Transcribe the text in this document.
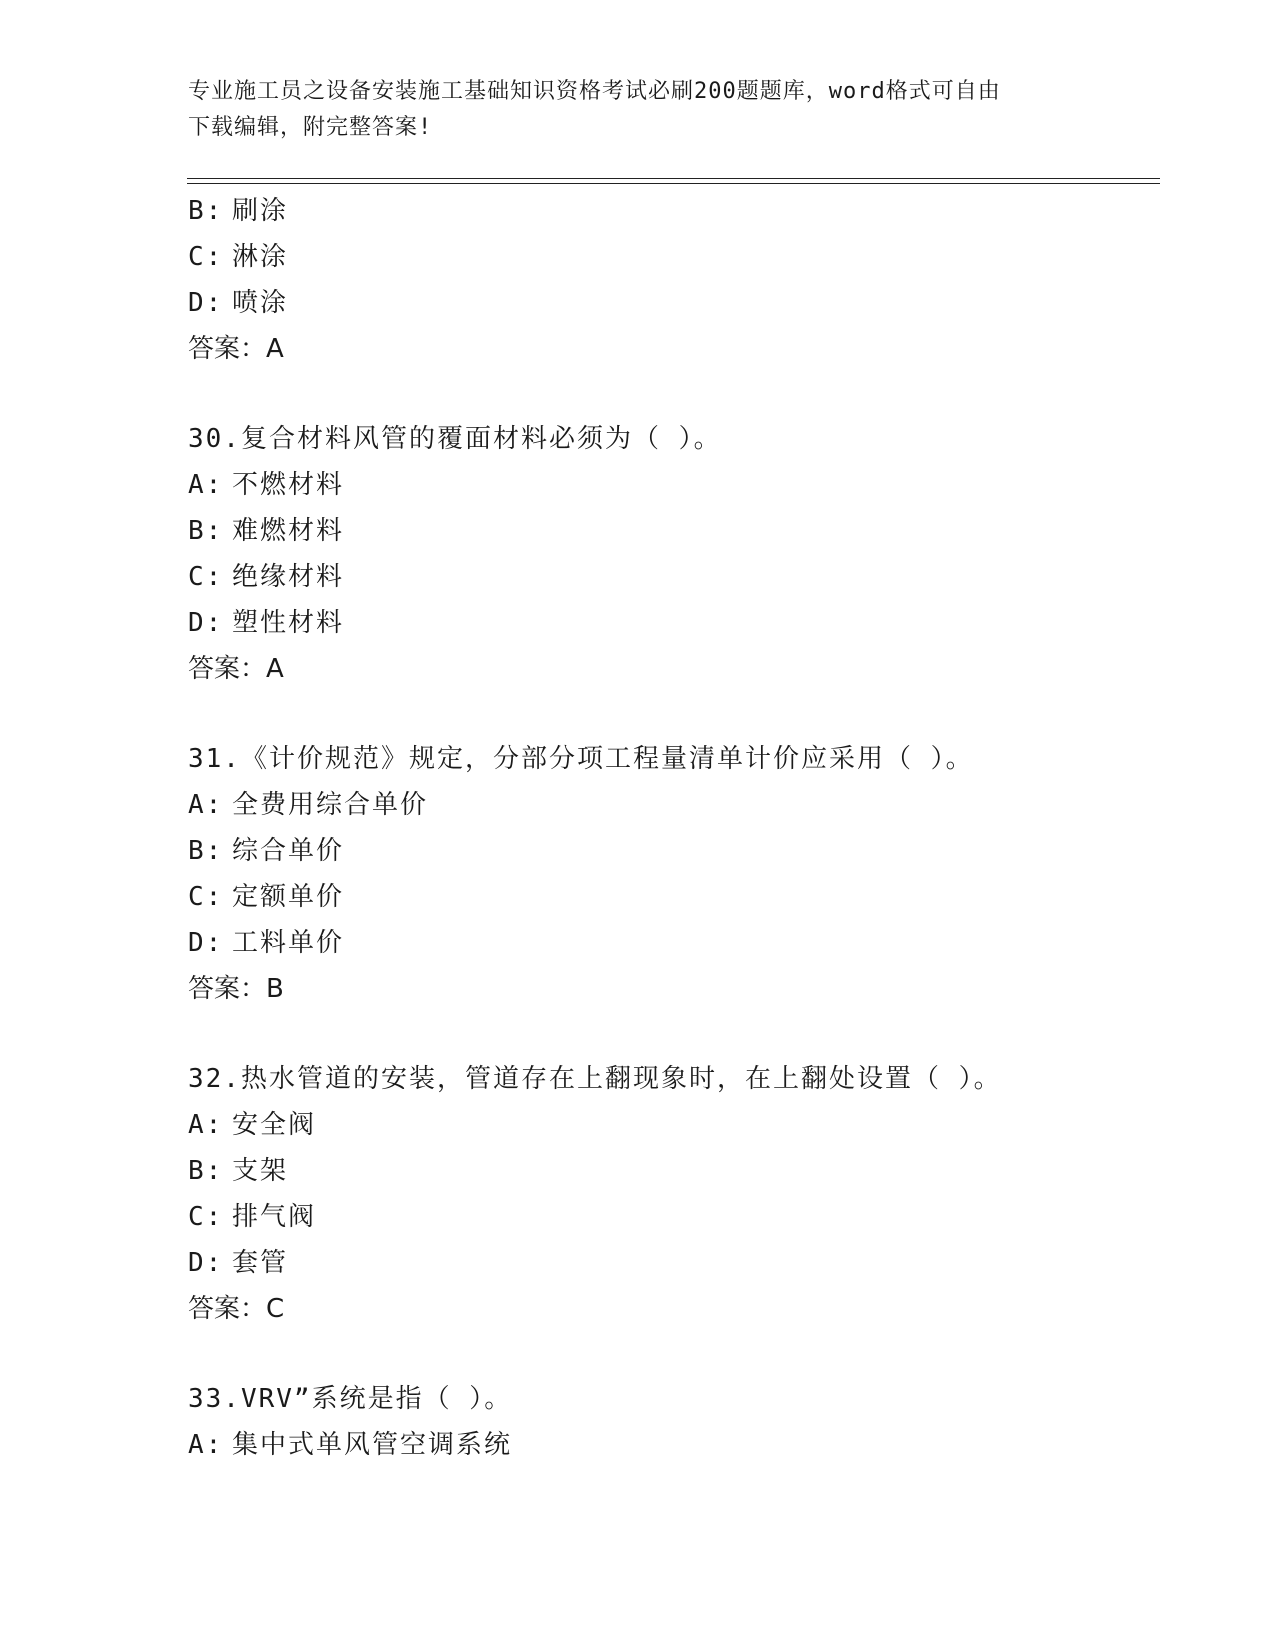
专业施工员之设备安装施工基础知识资格考试必刷200题题库，word格式可自由
下载编辑，附完整答案!
B: 刷涂
C: 淋涂
D: 喷涂
答案：A
30.复合材料风管的覆面材料必须为（ ）。
A: 不燃材料
B: 难燃材料
C: 绝缘材料
D: 塑性材料
答案：A
31.《计价规范》规定，分部分项工程量清单计价应采用（ ）。
A: 全费用综合单价
B: 综合单价
C: 定额单价
D: 工料单价
答案：B
32.热水管道的安装，管道存在上翻现象时，在上翻处设置（ ）。
A: 安全阀
B: 支架
C: 排气阀
D: 套管
答案：C
33.VRV”系统是指（ ）。
A: 集中式单风管空调系统
